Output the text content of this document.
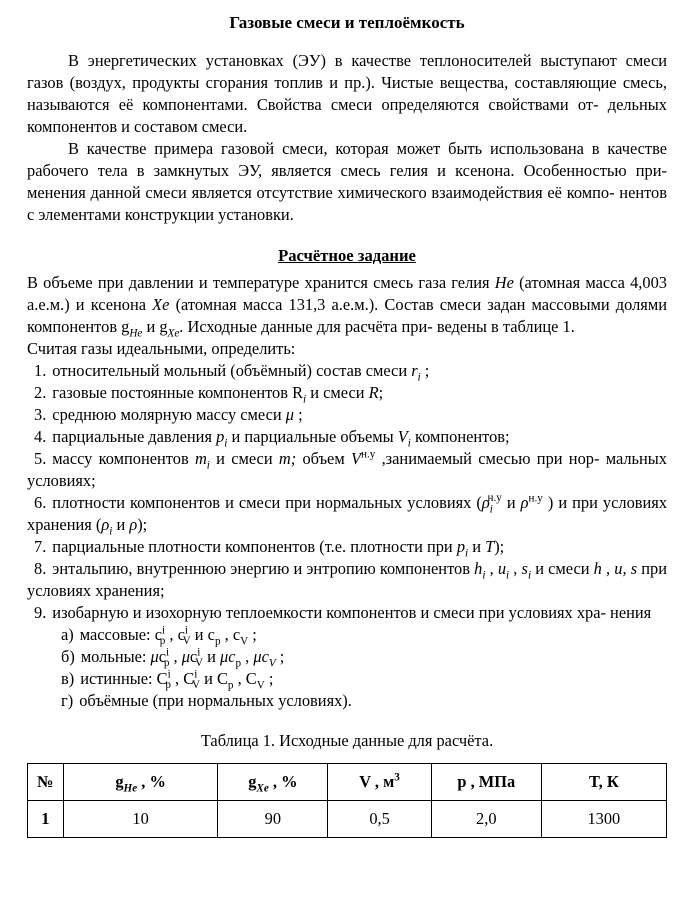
Газовые смеси и теплоёмкость

В энергетических установках (ЭУ) в качестве теплоносителей выступают смеси газов (воздух, продукты сгорания топлив и пр.). Чистые вещества, составляющие смесь, называются её компонентами. Свойства смеси определяются свойствами от- дельных компонентов и составом смеси.

В качестве примера газовой смеси, которая может быть использована в качестве рабочего тела в замкнутых ЭУ, является смесь гелия и ксенона. Особенностью при- менения данной смеси является отсутствие химического взаимодействия её компо- нентов с элементами конструкции установки.

Расчётное задание

В объеме при давлении и температуре хранится смесь газа гелия He (атомная масса 4,003 а.е.м.) и ксенона Xe (атомная масса 131,3 а.е.м.). Состав смеси задан массовыми долями компонентов $g_{He}$ и $g_{Xe}$. Исходные данные для расчёта при- ведены в таблице 1.

Считая газы идеальными, определить:

1. относительный мольный (объёмный) состав смеси $r_i$ ;
2. газовые постоянные компонентов $R_i$ и смеси R;
3. среднюю молярную массу смеси μ ;
4. парциальные давления $p_i$ и парциальные объемы $V_i$ компонентов;
5. массу компонентов $m_i$ и смеси m; объем $V^{н.у}$ ,занимаемый смесью при нор- мальных условиях;
6. плотности компонентов и смеси при нормальных условиях ($\rho_i^{н.у}$ и $\rho^{н.у}$ ) и при условиях хранения ($\rho_i$ и ρ);
7. парциальные плотности компонентов (т.е. плотности при $p_i$ и T);
8. энтальпию, внутреннюю энергию и энтропию компонентов $h_i$ , $u_i$ , $s_i$ и смеси h , u, s при условиях хранения;
9. изобарную и изохорную теплоемкости компонентов и смеси при условиях хра- нения
а) массовые: $c^i_p$ , $c^i_V$ и $c_p$ , $c_V$ ;
б) мольные: $\mu c^i_p$ , $\mu c^i_V$ и $\mu c_p$ , $\mu c_V$ ;
в) истинные: $C^i_p$ , $C^i_V$ и $C_p$ , $C_V$ ;
г) объёмные (при нормальных условиях).

Таблица 1. Исходные данные для расчёта.

№	$g_{He}$ , %	$g_{Xe}$ , %	V , $м^3$	p , МПа	T, К
1	10	90	0,5	2,0	1300
